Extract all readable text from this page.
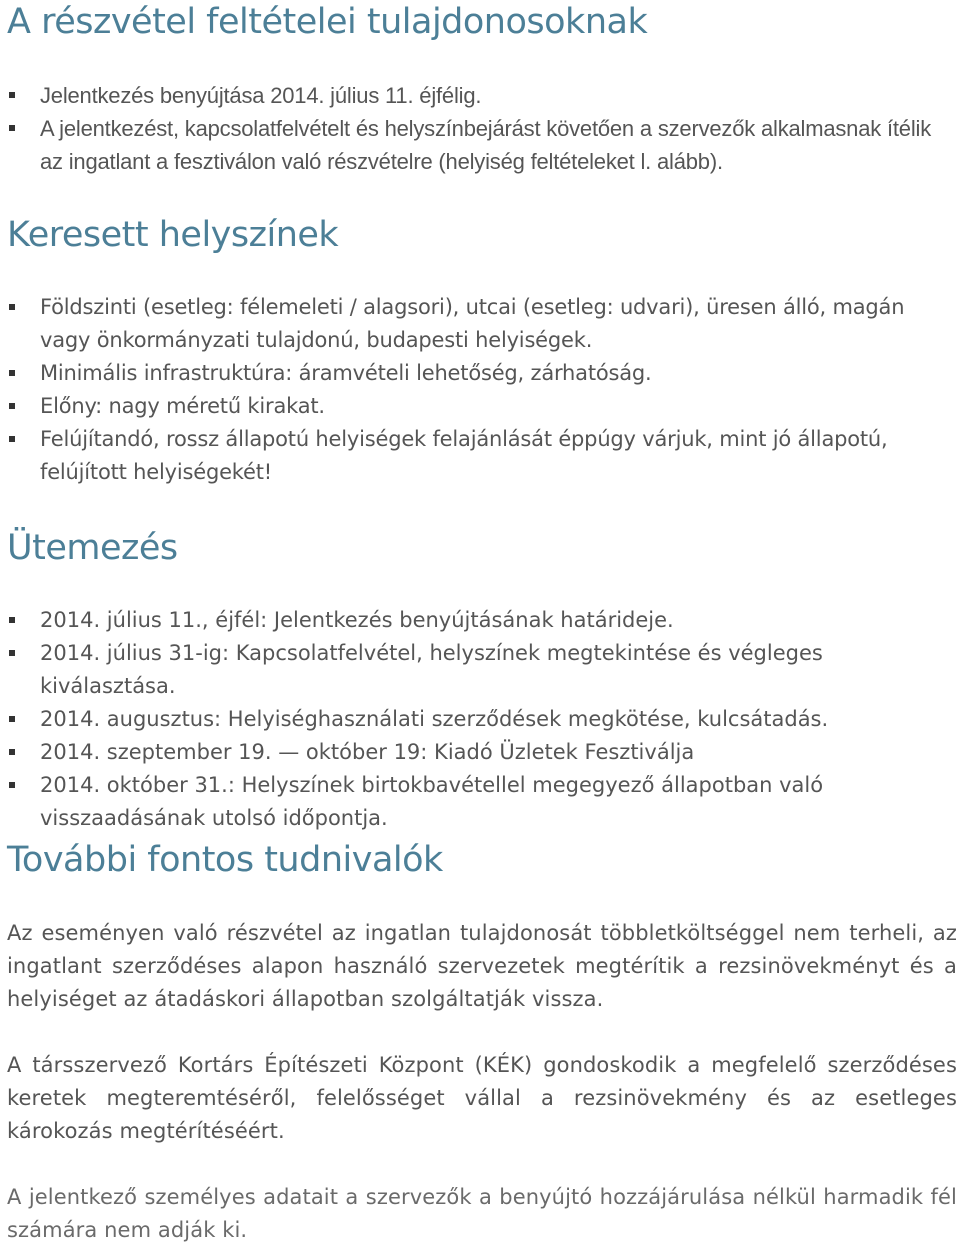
A részvétel feltételei tulajdonosoknak
Jelentkezés benyújtása 2014. július 11. éjfélig.
A jelentkezést, kapcsolatfelvételt és helyszínbejárást követően a szervezők alkalmasnak ítélik az ingatlant a fesztiválon való részvételre (helyiség feltételeket l. alább).
Keresett helyszínek
Földszinti (esetleg: félemeleti / alagsori), utcai (esetleg: udvari), üresen álló, magán vagy önkormányzati tulajdonú, budapesti helyiségek.
Minimális infrastruktúra: áramvételi lehetőség, zárhatóság.
Előny: nagy méretű kirakat.
Felújítandó, rossz állapotú helyiségek felajánlását éppúgy várjuk, mint jó állapotú, felújított helyiségekét!
Ütemezés
2014. július 11., éjfél: Jelentkezés benyújtásának határideje.
2014. július 31-ig: Kapcsolatfelvétel, helyszínek megtekintése és végleges kiválasztása.
2014. augusztus: Helyiséghasználati szerződések megkötése, kulcsátadás.
2014. szeptember 19. — október 19: Kiadó Üzletek Fesztiválja
2014. október 31.: Helyszínek birtokbavétellel megegyező állapotban való visszaadásának utolsó időpontja.
További fontos tudnivalók

Az eseményen való részvétel az ingatlan tulajdonosát többletköltséggel nem terheli, az ingatlant szerződéses alapon használó szervezetek megtérítik a rezsinövekményt és a helyiséget az átadáskori állapotban szolgáltatják vissza.

A társszervező Kortárs Építészeti Központ (KÉK) gondoskodik a megfelelő szerződéses keretek megteremtéséről, felelősséget vállal a rezsinövekmény és az esetleges károkozás megtérítéséért.

A jelentkező személyes adatait a szervezők a benyújtó hozzájárulása nélkül harmadik fél számára nem adják ki.
